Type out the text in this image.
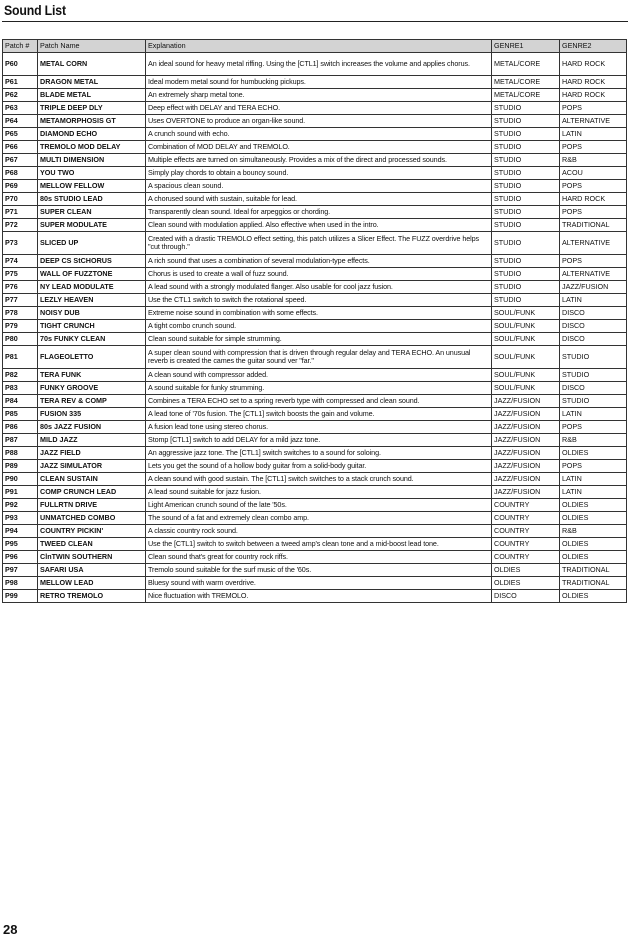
Sound List
Patch #	Patch Name	Explanation	GENRE1	GENRE2
P60	METAL CORN	An ideal sound for heavy metal riffing. Using the [CTL1] switch increases the volume and applies chorus.	METAL/CORE	HARD ROCK
P61	DRAGON METAL	Ideal modern metal sound for humbucking pickups.	METAL/CORE	HARD ROCK
P62	BLADE METAL	An extremely sharp metal tone.	METAL/CORE	HARD ROCK
P63	TRIPLE DEEP DLY	Deep effect with DELAY and TERA ECHO.	STUDIO	POPS
P64	METAMORPHOSIS GT	Uses OVERTONE to produce an organ-like sound.	STUDIO	ALTERNATIVE
P65	DIAMOND ECHO	A crunch sound with echo.	STUDIO	LATIN
P66	TREMOLO MOD DELAY	Combination of MOD DELAY and TREMOLO.	STUDIO	POPS
P67	MULTI DIMENSION	Multiple effects are turned on simultaneously. Provides a mix of the direct and processed sounds.	STUDIO	R&B
P68	YOU TWO	Simply play chords to obtain a bouncy sound.	STUDIO	ACOU
P69	MELLOW FELLOW	A spacious clean sound.	STUDIO	POPS
P70	80s STUDIO LEAD	A chorused sound with sustain, suitable for lead.	STUDIO	HARD ROCK
P71	SUPER CLEAN	Transparently clean sound. Ideal for arpeggios or chording.	STUDIO	POPS
P72	SUPER MODULATE	Clean sound with modulation applied. Also effective when used in the intro.	STUDIO	TRADITIONAL
P73	SLICED UP	Created with a drastic TREMOLO effect setting, this patch utilizes a Slicer Effect. The FUZZ overdrive helps "cut through."	STUDIO	ALTERNATIVE
P74	DEEP CS StCHORUS	A rich sound that uses a combination of several modulation-type effects.	STUDIO	POPS
P75	WALL OF FUZZTONE	Chorus is used to create a wall of fuzz sound.	STUDIO	ALTERNATIVE
P76	NY LEAD MODULATE	A lead sound with a strongly modulated flanger. Also usable for cool jazz fusion.	STUDIO	JAZZ/FUSION
P77	LEZLY HEAVEN	Use the CTL1 switch to switch the rotational speed.	STUDIO	LATIN
P78	NOISY DUB	Extreme noise sound in combination with some effects.	SOUL/FUNK	DISCO
P79	TIGHT CRUNCH	A tight combo crunch sound.	SOUL/FUNK	DISCO
P80	70s FUNKY CLEAN	Clean sound suitable for simple strumming.	SOUL/FUNK	DISCO
P81	FLAGEOLETTO	A super clean sound with compression that is driven through regular delay and TERA ECHO. An unusual reverb is created the cames the guitar sound ver "far."	SOUL/FUNK	STUDIO
P82	TERA FUNK	A clean sound with compressor added.	SOUL/FUNK	STUDIO
P83	FUNKY GROOVE	A sound suitable for funky strumming.	SOUL/FUNK	DISCO
P84	TERA REV & COMP	Combines a TERA ECHO set to a spring reverb type with compressed and clean sound.	JAZZ/FUSION	STUDIO
P85	FUSION 335	A lead tone of '70s fusion. The [CTL1] switch boosts the gain and volume.	JAZZ/FUSION	LATIN
P86	80s JAZZ FUSION	A fusion lead tone using stereo chorus.	JAZZ/FUSION	POPS
P87	MILD JAZZ	Stomp [CTL1] switch to add DELAY for a mild jazz tone.	JAZZ/FUSION	R&B
P88	JAZZ FIELD	An aggressive jazz tone. The [CTL1] switch switches to a sound for soloing.	JAZZ/FUSION	OLDIES
P89	JAZZ SIMULATOR	Lets you get the sound of a hollow body guitar from a solid-body guitar.	JAZZ/FUSION	POPS
P90	CLEAN SUSTAIN	A clean sound with good sustain. The [CTL1] switch switches to a stack crunch sound.	JAZZ/FUSION	LATIN
P91	COMP CRUNCH LEAD	A lead sound suitable for jazz fusion.	JAZZ/FUSION	LATIN
P92	FULLRTN DRIVE	Light American crunch sound of the late '50s.	COUNTRY	OLDIES
P93	UNMATCHED COMBO	The sound of a fat and extremely clean combo amp.	COUNTRY	OLDIES
P94	COUNTRY PICKIN'	A classic country rock sound.	COUNTRY	R&B
P95	TWEED CLEAN	Use the [CTL1] switch to switch between a tweed amp's clean tone and a mid-boost lead tone.	COUNTRY	OLDIES
P96	ClnTWIN SOUTHERN	Clean sound that's great for country rock riffs.	COUNTRY	OLDIES
P97	SAFARI USA	Tremolo sound suitable for the surf music of the '60s.	OLDIES	TRADITIONAL
P98	MELLOW LEAD	Bluesy sound with warm overdrive.	OLDIES	TRADITIONAL
P99	RETRO TREMOLO	Nice fluctuation with TREMOLO.	DISCO	OLDIES
28
